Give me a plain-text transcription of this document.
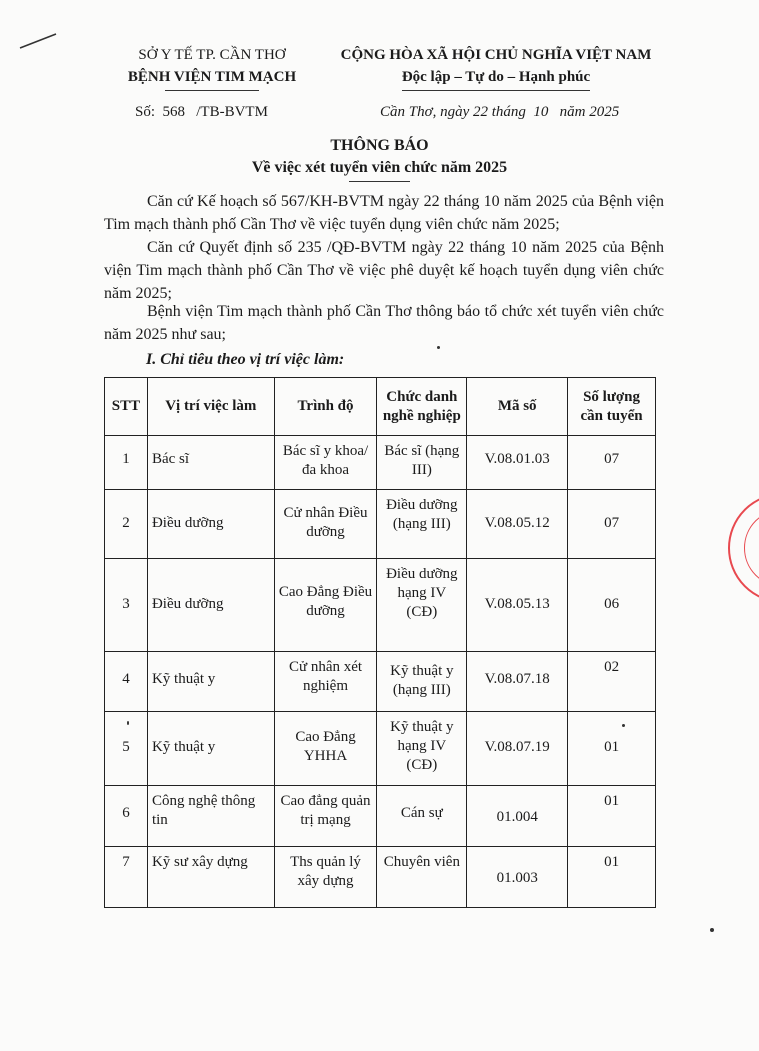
SỞ Y TẾ TP. CẦN THƠ
BỆNH VIỆN TIM MẠCH
CỘNG HÒA XÃ HỘI CHỦ NGHĨA VIỆT NAM
Độc lập – Tự do – Hạnh phúc
Số:  568   /TB-BVTM	Cần Thơ, ngày 22 tháng  10   năm 2025
THÔNG BÁO
Về việc xét tuyển viên chức năm 2025
Căn cứ Kế hoạch số 567/KH-BVTM ngày 22 tháng 10 năm 2025 của Bệnh viện Tim mạch thành phố Cần Thơ về việc tuyển dụng viên chức năm 2025;
Căn cứ Quyết định số 235 /QĐ-BVTM ngày 22 tháng 10 năm 2025 của Bệnh viện Tim mạch thành phố Cần Thơ về việc phê duyệt kế hoạch tuyển dụng viên chức năm 2025;
Bệnh viện Tim mạch thành phố Cần Thơ thông báo tổ chức xét tuyển viên chức năm 2025 như sau;
I. Chỉ tiêu theo vị trí việc làm:
STT	Vị trí việc làm	Trình độ	Chức danh nghề nghiệp	Mã số	Số lượng cần tuyển
1	Bác sĩ	Bác sĩ y khoa/đa khoa	Bác sĩ (hạng III)	V.08.01.03	07
2	Điều dưỡng	Cử nhân Điều dưỡng	Điều dưỡng (hạng III)	V.08.05.12	07
3	Điều dưỡng	Cao Đẳng Điều dưỡng	Điều dưỡng hạng IV (CĐ)	V.08.05.13	06
4	Kỹ thuật y	Cử nhân xét nghiệm	Kỹ thuật y (hạng III)	V.08.07.18	02
5	Kỹ thuật y	Cao Đẳng YHHA	Kỹ thuật y hạng IV (CĐ)	V.08.07.19	01
6	Công nghệ thông tin	Cao đẳng quản trị mạng	Cán sự	01.004	01
7	Kỹ sư xây dựng	Ths quản lý xây dựng	Chuyên viên	01.003	01
